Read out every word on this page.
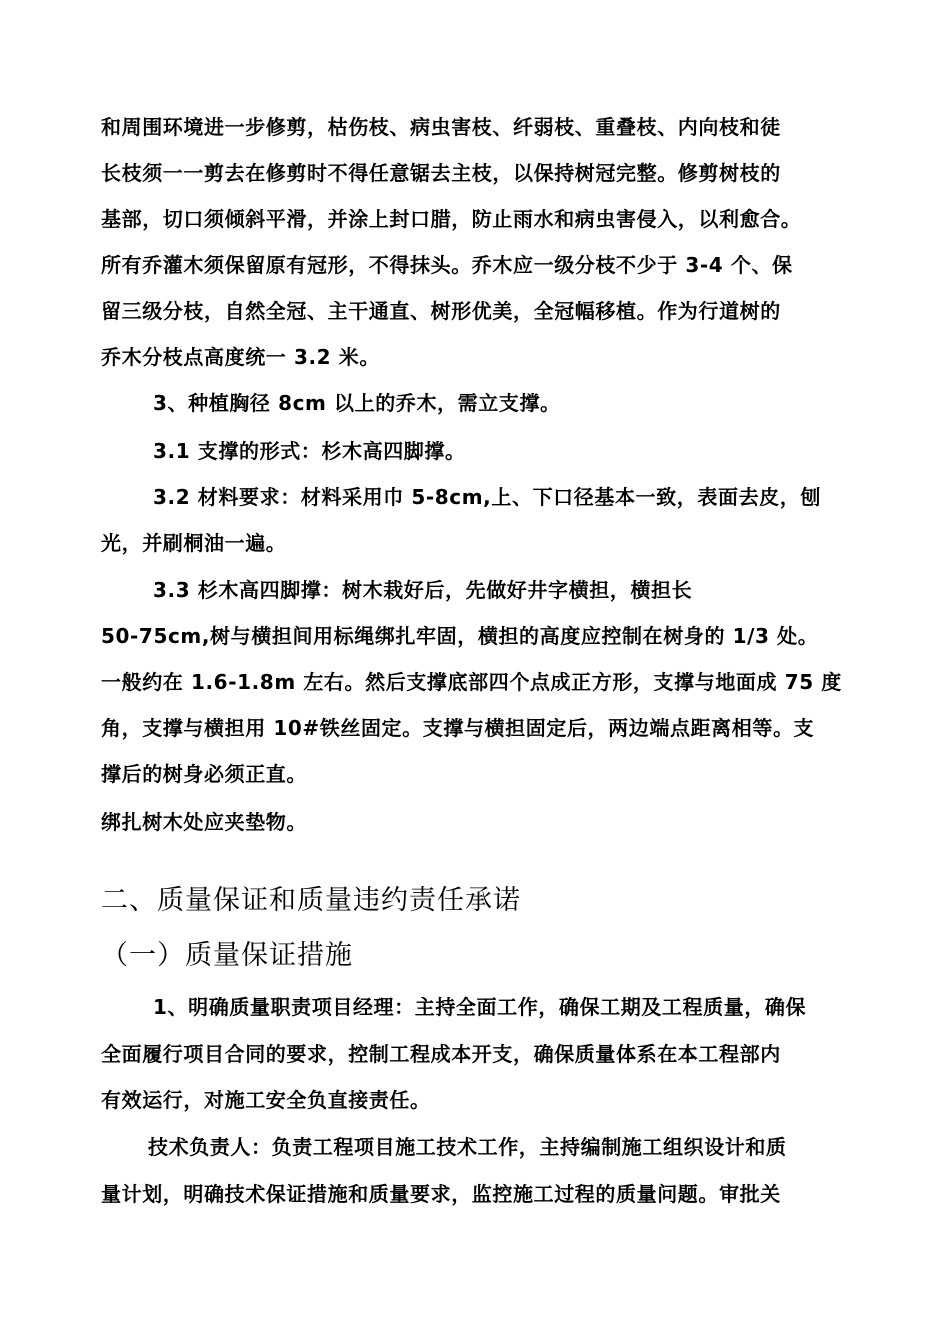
和周围环境进一步修剪，枯伤枝、病虫害枝、纤弱枝、重叠枝、内向枝和徒
长枝须一一剪去在修剪时不得任意锯去主枝，以保持树冠完整。修剪树枝的
基部，切口须倾斜平滑，并涂上封口腊，防止雨水和病虫害侵入，以利愈合。
所有乔灌木须保留原有冠形，不得抹头。乔木应一级分枝不少于 3-4 个、保
留三级分枝，自然全冠、主干通直、树形优美，全冠幅移植。作为行道树的
乔木分枝点高度统一 3.2 米。
3、种植胸径 8cm 以上的乔木，需立支撑。
3.1 支撑的形式：杉木高四脚撑。
3.2 材料要求：材料采用巾 5-8cm,上、下口径基本一致，表面去皮，刨
光，并刷桐油一遍。
3.3 杉木高四脚撑：树木栽好后，先做好井字横担，横担长
50-75cm,树与横担间用标绳绑扎牢固，横担的高度应控制在树身的 1/3 处。
一般约在 1.6-1.8m 左右。然后支撑底部四个点成正方形，支撑与地面成 75 度
角，支撑与横担用 10#铁丝固定。支撑与横担固定后，两边端点距离相等。支
撑后的树身必须正直。
绑扎树木处应夹垫物。
二、质量保证和质量违约责任承诺
（一）质量保证措施
1、明确质量职责项目经理：主持全面工作，确保工期及工程质量，确保
全面履行项目合同的要求，控制工程成本开支，确保质量体系在本工程部内
有效运行，对施工安全负直接责任。
技术负责人：负责工程项目施工技术工作，主持编制施工组织设计和质
量计划，明确技术保证措施和质量要求，监控施工过程的质量问题。审批关
